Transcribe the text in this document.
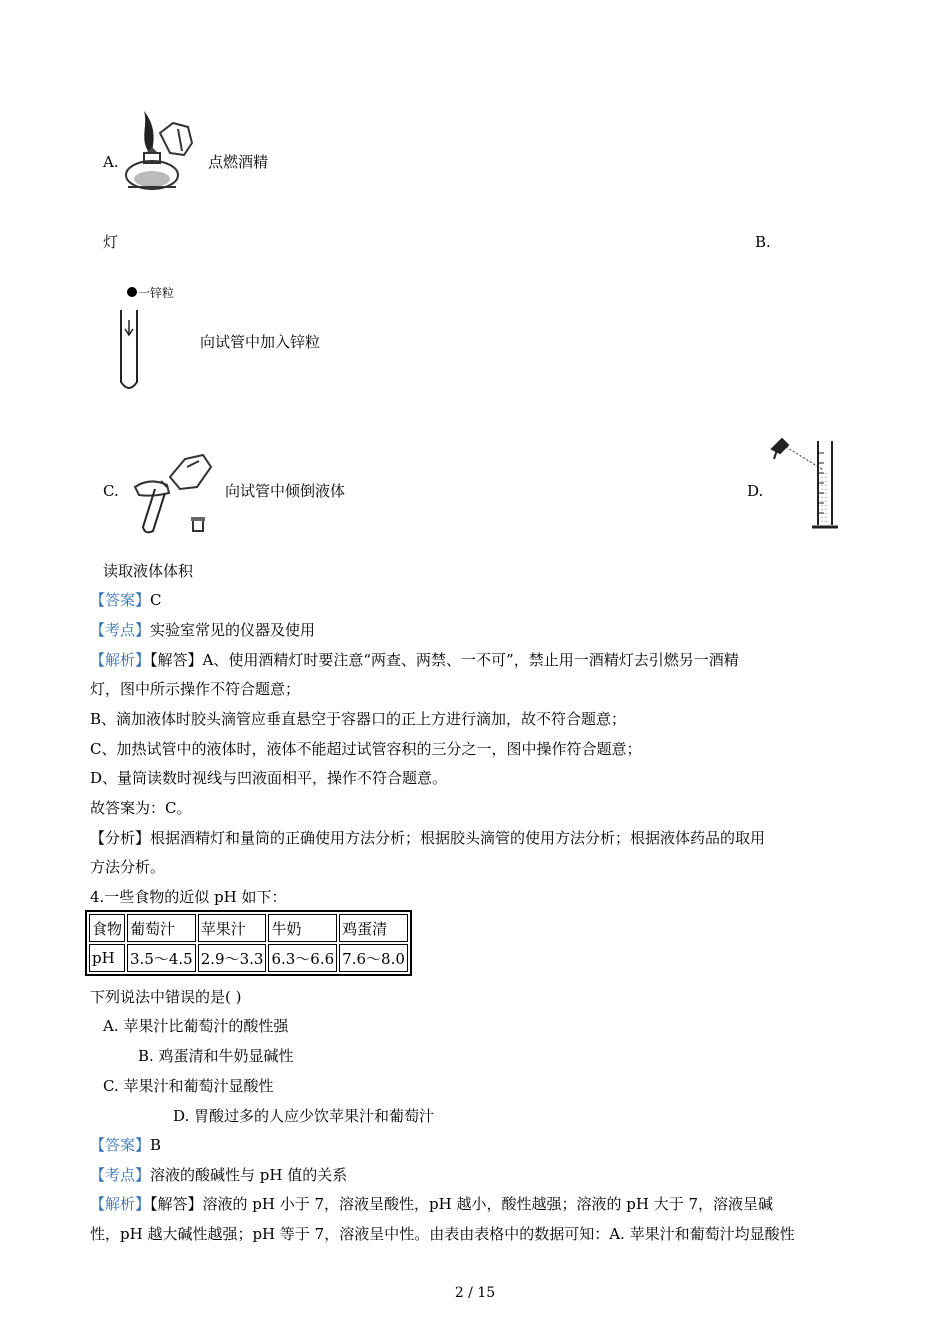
A.	点燃酒精
灯	B.
一锌粒
向试管中加入锌粒
C.	向试管中倾倒液体	D.
读取液体体积
【答案】C
【考点】实验室常见的仪器及使用
【解析】【解答】A、使用酒精灯时要注意“两查、两禁、一不可”，禁止用一酒精灯去引燃另一酒精
灯，图中所示操作不符合题意；
B、滴加液体时胶头滴管应垂直悬空于容器口的正上方进行滴加，故不符合题意；
C、加热试管中的液体时，液体不能超过试管容积的三分之一，图中操作符合题意；
D、量筒读数时视线与凹液面相平，操作不符合题意。
故答案为：C。
【分析】根据酒精灯和量筒的正确使用方法分析；根据胶头滴管的使用方法分析；根据液体药品的取用
方法分析。
4.一些食物的近似 pH 如下：
食物	葡萄汁	苹果汁	牛奶	鸡蛋清
pH	3.5～4.5	2.9～3.3	6.3～6.6	7.6～8.0
下列说法中错误的是( )
A. 苹果汁比葡萄汁的酸性强
B. 鸡蛋清和牛奶显碱性
C. 苹果汁和葡萄汁显酸性
D. 胃酸过多的人应少饮苹果汁和葡萄汁
【答案】B
【考点】溶液的酸碱性与 pH 值的关系
【解析】【解答】溶液的 pH 小于 7，溶液呈酸性，pH 越小，酸性越强；溶液的 pH 大于 7，溶液呈碱
性，pH 越大碱性越强；pH 等于 7，溶液呈中性。由表由表格中的数据可知：A. 苹果汁和葡萄汁均显酸性
2 / 15
